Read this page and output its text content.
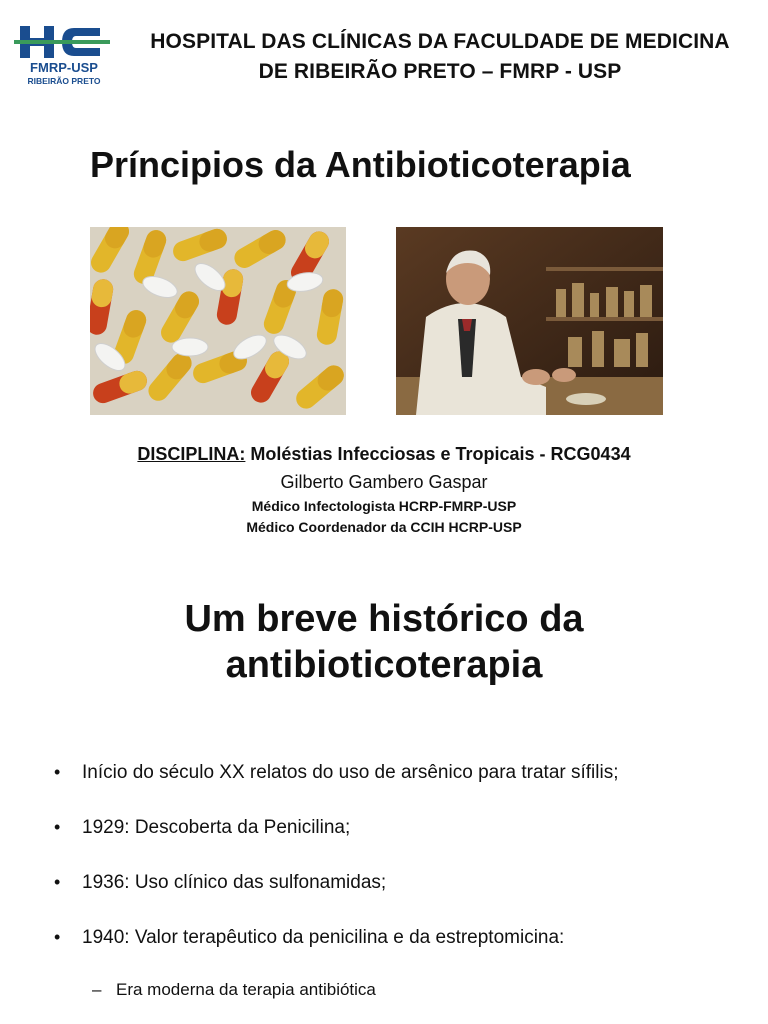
FMRP-USP
RIBEIRÃO PRETO
HOSPITAL DAS CLÍNICAS DA FACULDADE DE MEDICINA
DE RIBEIRÃO PRETO – FMRP - USP
Príncipios da Antibioticoterapia
DISCIPLINA: Moléstias Infecciosas e Tropicais - RCG0434
Gilberto Gambero Gaspar
Médico Infectologista HCRP-FMRP-USP
Médico Coordenador da CCIH HCRP-USP
Um breve histórico da
antibioticoterapia
•	Início do século XX relatos do uso de arsênico para tratar sífilis;
•	1929: Descoberta da Penicilina;
•	1936: Uso clínico das sulfonamidas;
•	1940: Valor terapêutico da penicilina e da estreptomicina:
– Era moderna da terapia antibiótica
